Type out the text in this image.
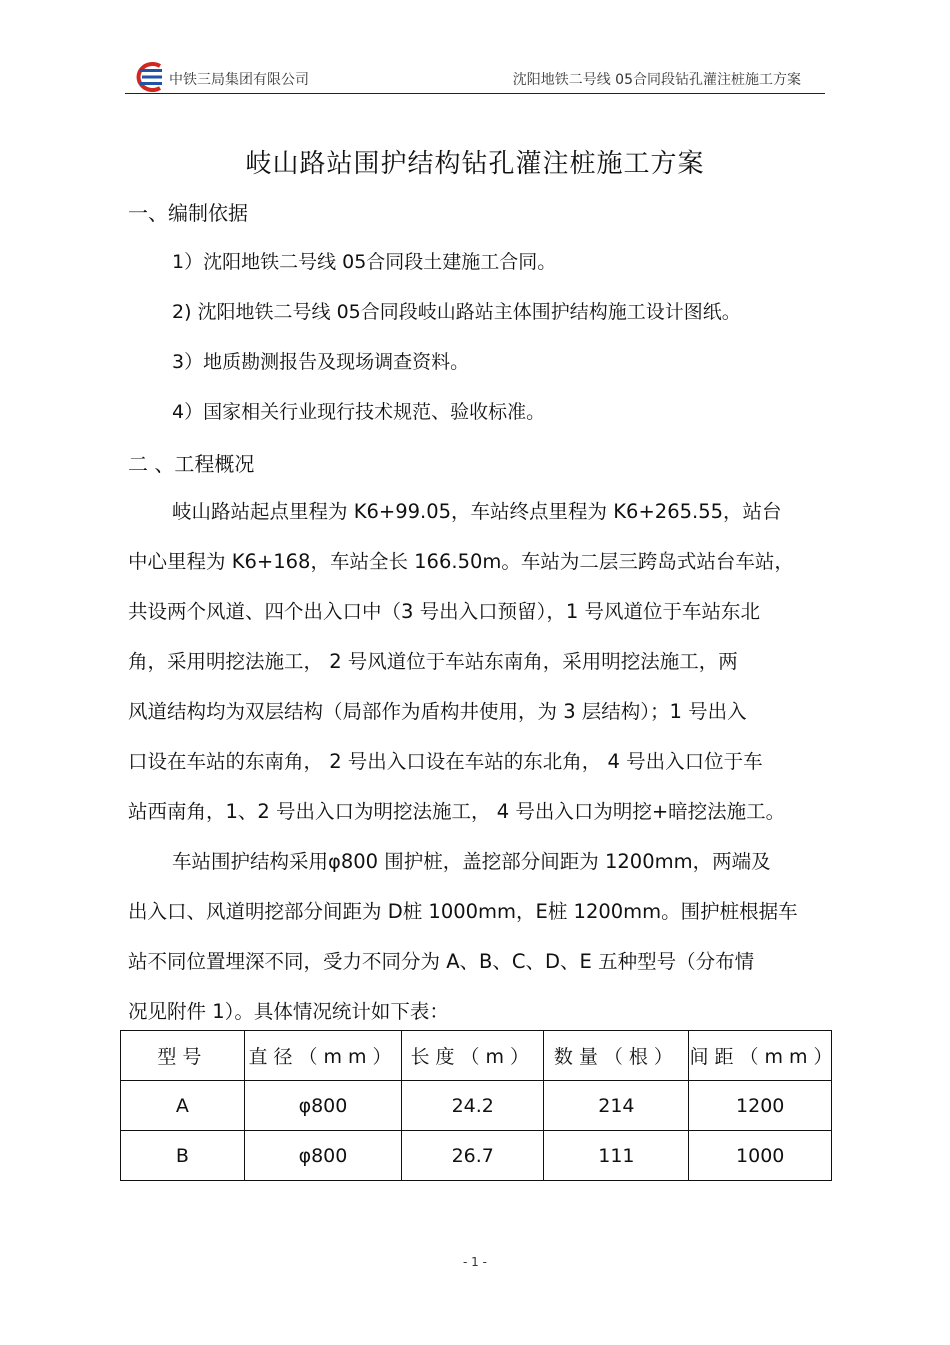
中铁三局集团有限公司	沈阳地铁二号线 05合同段钻孔灌注桩施工方案
岐山路站围护结构钻孔灌注桩施工方案
一、编制依据
1）沈阳地铁二号线 05合同段土建施工合同。
2) 沈阳地铁二号线 05合同段岐山路站主体围护结构施工设计图纸。
3）地质勘测报告及现场调查资料。
4）国家相关行业现行技术规范、验收标准。
二 、工程概况
岐山路站起点里程为 K6+99.05，车站终点里程为 K6+265.55，站台
中心里程为 K6+168，车站全长 166.50m。车站为二层三跨岛式站台车站，
共设两个风道、四个出入口中（3 号出入口预留），1 号风道位于车站东北
角，采用明挖法施工， 2 号风道位于车站东南角，采用明挖法施工，两
风道结构均为双层结构（局部作为盾构井使用，为 3 层结构）；1 号出入
口设在车站的东南角， 2 号出入口设在车站的东北角， 4 号出入口位于车
站西南角，1、2 号出入口为明挖法施工， 4 号出入口为明挖+暗挖法施工。
车站围护结构采用φ800 围护桩，盖挖部分间距为 1200mm，两端及
出入口、风道明挖部分间距为 D桩 1000mm，E桩 1200mm。围护桩根据车
站不同位置埋深不同，受力不同分为 A、B、C、D、E 五种型号（分布情
况见附件 1）。具体情况统计如下表：
型号	直径（mm）	长度（m）	数量（根）	间距（mm）
A	φ800	24.2	214	1200
B	φ800	26.7	111	1000
- 1 -
